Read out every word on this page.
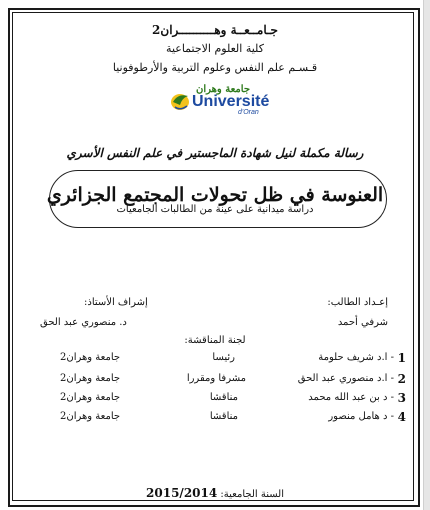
جـامــعــة وهــــــــــران2
كلية العلوم الاجتماعية
قـسـم علم النفس وعلوم التربية والأرطوفونيا
جامعة وهران
Université
d'Oran
رسالة مكملة لنيل شهادة الماجستير في علم النفس الأسري
العنوسة في ظل تحولات المجتمع الجزائري
دراسة ميدانية على عينة من الطالبات الجامعيات
إعـداد الطالب:
شرفي أحمد
إشراف الأستاذ:
د. منصوري عبد الحق
لجنة المناقشة:
1
- ا.د شريف حلومة
رئيسا
جامعة وهران2
2
- ا.د منصوري عبد الحق
مشرفا ومقررا
جامعة وهران2
3
- د بن عبد الله محمد
مناقشا
جامعة وهران2
4
- د هامل منصور
مناقشا
جامعة وهران2
السنة الجامعية: 2015/2014
